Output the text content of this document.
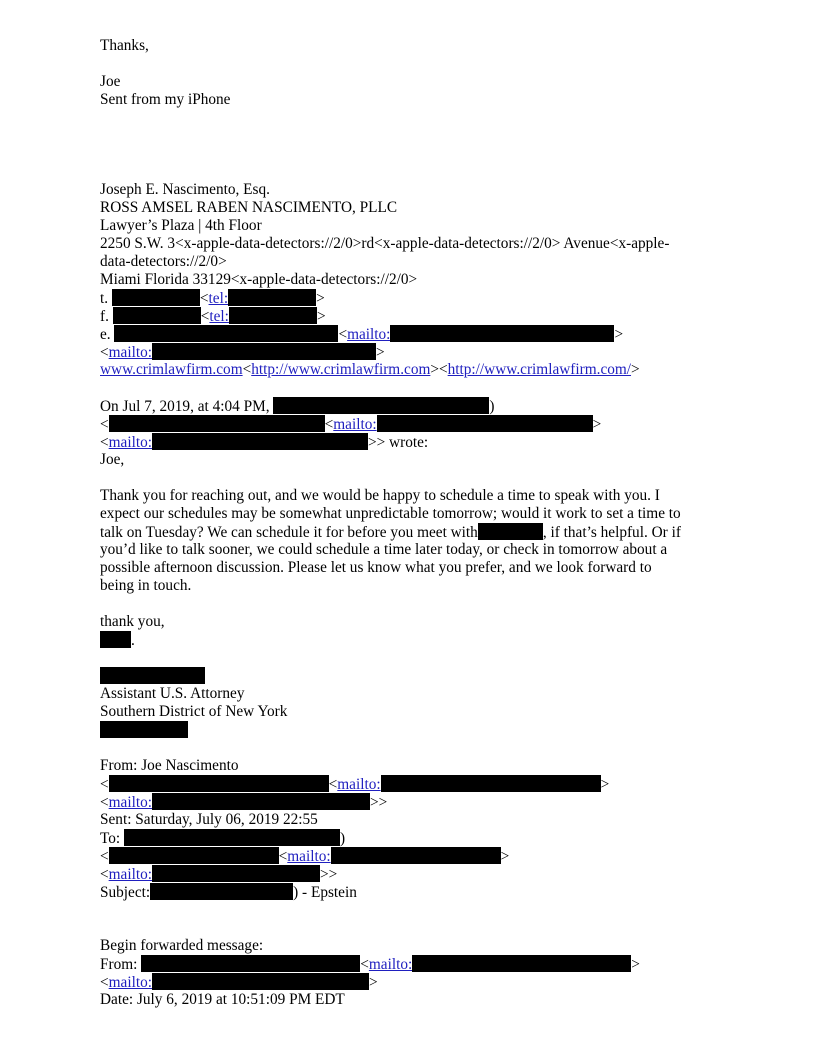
Thanks,
Joe
Sent from my iPhone
Joseph E. Nascimento, Esq.
ROSS AMSEL RABEN NASCIMENTO, PLLC
Lawyer’s Plaza | 4th Floor
2250 S.W. 3<x-apple-data-detectors://2/0>rd<x-apple-data-detectors://2/0> Avenue<x-apple-
data-detectors://2/0>
Miami Florida 33129<x-apple-data-detectors://2/0>
t.	<tel:	>
f.	<tel:	>
e.	<mailto:	>
<mailto:	>
www.crimlawfirm.com<http://www.crimlawfirm.com><http://www.crimlawfirm.com/>
On Jul 7, 2019, at 4:04 PM,	)
<	<mailto:	>
<mailto:	>> wrote:
Joe,
Thank you for reaching out, and we would be happy to schedule a time to speak with you. I
expect our schedules may be somewhat unpredictable tomorrow; would it work to set a time to
talk on Tuesday? We can schedule it for before you meet with	, if that’s helpful. Or if
you’d like to talk sooner, we could schedule a time later today, or check in tomorrow about a
possible afternoon discussion. Please let us know what you prefer, and we look forward to
being in touch.
thank you,
.
Assistant U.S. Attorney
Southern District of New York
From: Joe Nascimento
<	<mailto:	>
<mailto:	>>
Sent: Saturday, July 06, 2019 22:55
To:	)
<	<mailto:	>
<mailto:	>>
Subject:	) - Epstein
Begin forwarded message:
From:	<mailto:	>
<mailto:	>
Date: July 6, 2019 at 10:51:09 PM EDT
